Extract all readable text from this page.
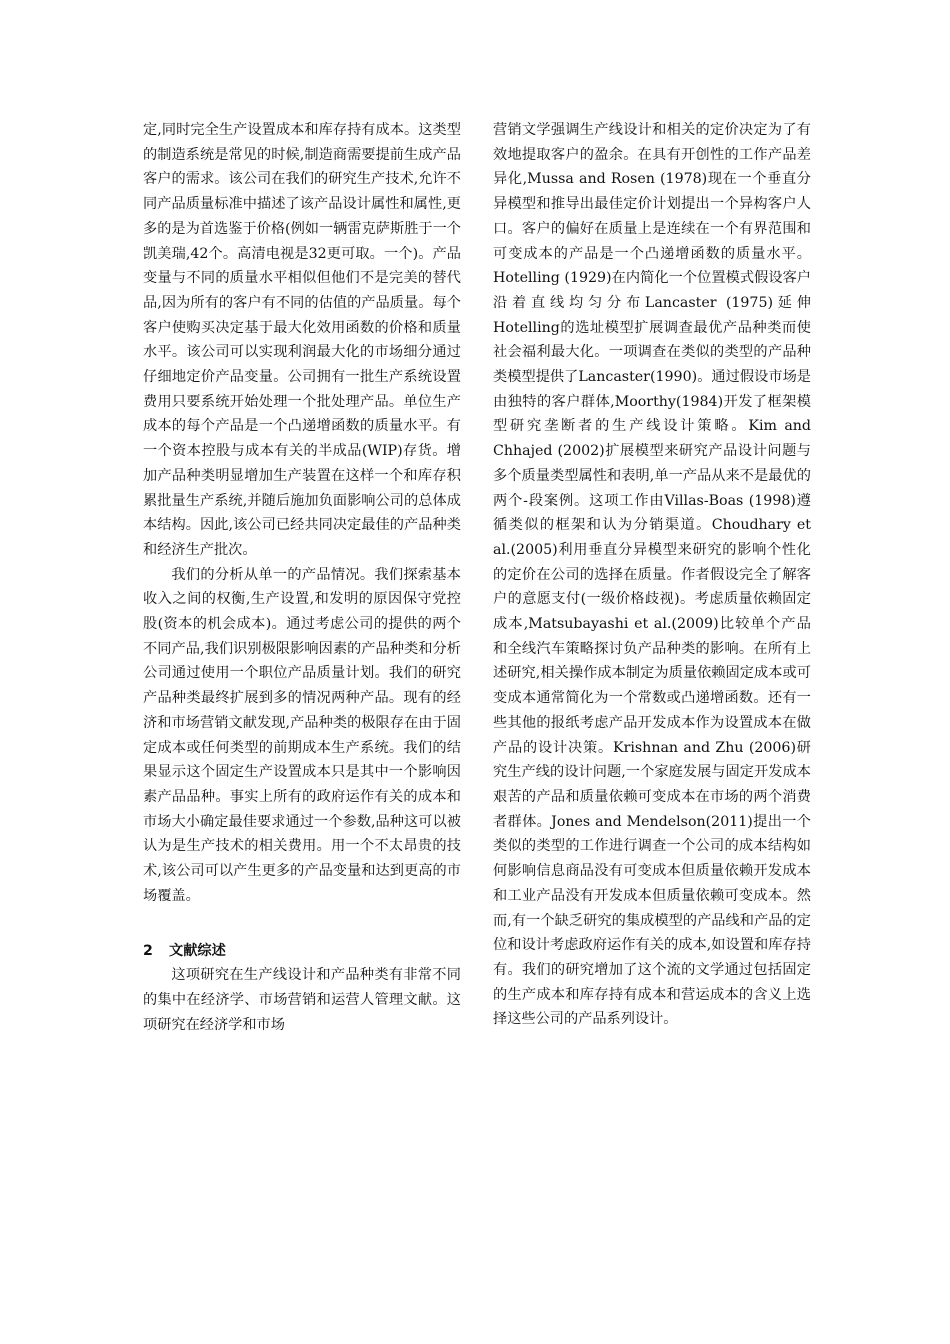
定,同时完全生产设置成本和库存持有成本。这类型的制造系统是常见的时候,制造商需要提前生成产品客户的需求。该公司在我们的研究生产技术,允许不同产品质量标准中描述了该产品设计属性和属性,更多的是为首选鉴于价格(例如一辆雷克萨斯胜于一个凯美瑞,42个。高清电视是32更可取。一个)。产品变量与不同的质量水平相似但他们不是完美的替代品,因为所有的客户有不同的估值的产品质量。每个客户使购买决定基于最大化效用函数的价格和质量水平。该公司可以实现利润最大化的市场细分通过仔细地定价产品变量。公司拥有一批生产系统设置费用只要系统开始处理一个批处理产品。单位生产成本的每个产品是一个凸递增函数的质量水平。有一个资本控股与成本有关的半成品(WIP)存货。增加产品种类明显增加生产装置在这样一个和库存积累批量生产系统,并随后施加负面影响公司的总体成本结构。因此,该公司已经共同决定最佳的产品种类和经济生产批次。

我们的分析从单一的产品情况。我们探索基本收入之间的权衡,生产设置,和发明的原因保守党控股(资本的机会成本)。通过考虑公司的提供的两个不同产品,我们识别极限影响因素的产品种类和分析公司通过使用一个职位产品质量计划。我们的研究产品种类最终扩展到多的情况两种产品。现有的经济和市场营销文献发现,产品种类的极限存在由于固定成本或任何类型的前期成本生产系统。我们的结果显示这个固定生产设置成本只是其中一个影响因素产品品种。事实上所有的政府运作有关的成本和市场大小确定最佳要求通过一个参数,品种这可以被认为是生产技术的相关费用。用一个不太昂贵的技术,该公司可以产生更多的产品变量和达到更高的市场覆盖。

2 文献综述

这项研究在生产线设计和产品种类有非常不同的集中在经济学、市场营销和运营人管理文献。这项研究在经济学和市场

营销文学强调生产线设计和相关的定价决定为了有效地提取客户的盈余。在具有开创性的工作产品差异化,Mussa and Rosen (1978)现在一个垂直分异模型和推导出最佳定价计划提出一个异构客户人口。客户的偏好在质量上是连续在一个有界范围和可变成本的产品是一个凸递增函数的质量水平。Hotelling (1929)在内简化一个位置模式假设客户沿着直线均匀分布Lancaster (1975)延伸Hotelling的选址模型扩展调查最优产品种类而使社会福利最大化。一项调查在类似的类型的产品种类模型提供了Lancaster(1990)。通过假设市场是由独特的客户群体,Moorthy(1984)开发了框架模型研究垄断者的生产线设计策略。Kim and Chhajed (2002)扩展模型来研究产品设计问题与多个质量类型属性和表明,单一产品从来不是最优的两个-段案例。这项工作由Villas-Boas (1998)遵循类似的框架和认为分销渠道。Choudhary et al.(2005)利用垂直分异模型来研究的影响个性化的定价在公司的选择在质量。作者假设完全了解客户的意愿支付(一级价格歧视)。考虑质量依赖固定成本,Matsubayashi et al.(2009)比较单个产品和全线汽车策略探讨负产品种类的影响。在所有上述研究,相关操作成本制定为质量依赖固定成本或可变成本通常简化为一个常数或凸递增函数。还有一些其他的报纸考虑产品开发成本作为设置成本在做产品的设计决策。Krishnan and Zhu (2006)研究生产线的设计问题,一个家庭发展与固定开发成本艰苦的产品和质量依赖可变成本在市场的两个消费者群体。Jones and Mendelson(2011)提出一个类似的类型的工作进行调查一个公司的成本结构如何影响信息商品没有可变成本但质量依赖开发成本和工业产品没有开发成本但质量依赖可变成本。然而,有一个缺乏研究的集成模型的产品线和产品的定位和设计考虑政府运作有关的成本,如设置和库存持有。我们的研究增加了这个流的文学通过包括固定的生产成本和库存持有成本和营运成本的含义上选择这些公司的产品系列设计。
